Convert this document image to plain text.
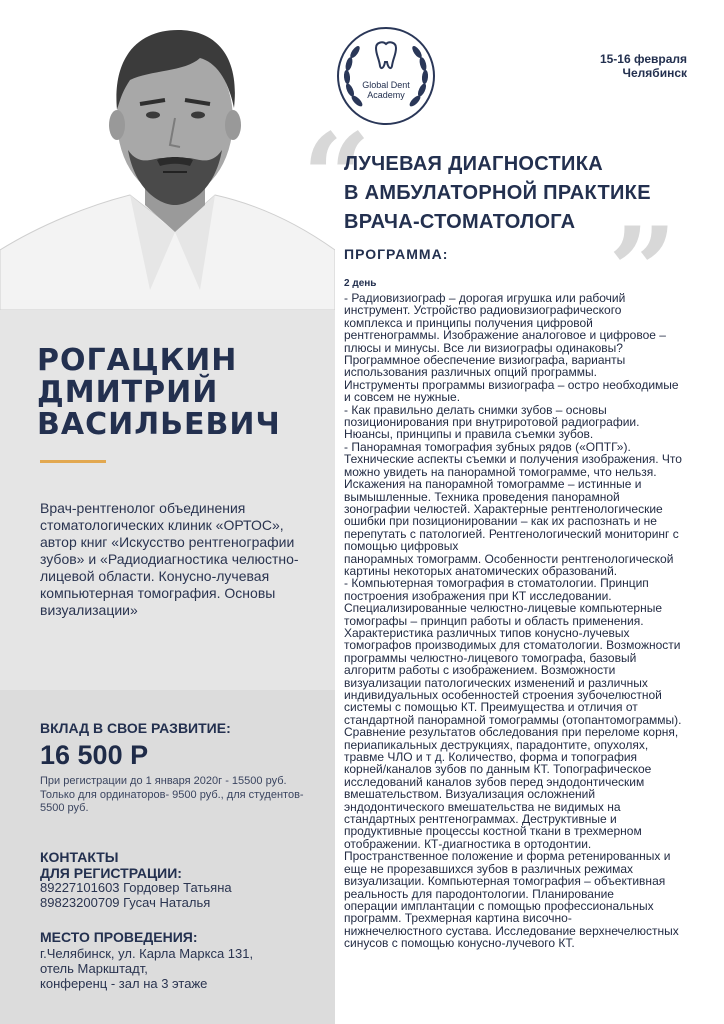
РОГАЦКИН
ДМИТРИЙ
ВАСИЛЬЕВИЧ
Врач-рентгенолог объединения стоматологических клиник «ОРТОС», автор книг «Искусство рентгенографии зубов» и «Радиодиагностика челюстно-лицевой области. Конусно-лучевая компьютерная томография. Основы визуализации»
ВКЛАД В СВОЕ РАЗВИТИЕ:
16 500 Р
При регистрации до 1 января 2020г - 15500 руб. Только для ординаторов- 9500 руб., для студентов- 5500 руб.
КОНТАКТЫ
ДЛЯ РЕГИСТРАЦИИ:
89227101603 Гордовер Татьяна
89823200709 Гусач Наталья
МЕСТО ПРОВЕДЕНИЯ:
г.Челябинск, ул. Карла Маркса 131,
отель Маркштадт,
конференц - зал на 3 этаже
Global Dent
Academy
15-16 февраля
Челябинск
“
”
ЛУЧЕВАЯ ДИАГНОСТИКА
В АМБУЛАТОРНОЙ ПРАКТИКЕ
ВРАЧА-СТОМАТОЛОГА
ПРОГРАММА:
2 день

- Радиовизиограф – дорогая игрушка или рабочий

инструмент. Устройство радиовизиографического

комплекса и принципы получения цифровой

рентгенограммы. Изображение аналоговое и цифровое –

плюсы и минусы. Все ли визиографы одинаковы?

Программное обеспечение визиографа, варианты

использования различных опций программы.

Инструменты программы визиографа – остро необходимые

и совсем не нужные.

- Как правильно делать снимки зубов – основы

позиционирования при внутриротовой радиографии.

Нюансы, принципы и правила съемки зубов.

- Панорамная томография зубных рядов («ОПТГ»).

Технические аспекты съемки и получения изображения. Что

можно увидеть на панорамной томограмме, что нельзя.

Искажения на панорамной томограмме – истинные и

вымышленные. Техника проведения панорамной

зонографии челюстей. Характерные рентгенологические

ошибки при позиционировании – как их распознать и не

перепутать с патологией. Рентгенологический мониторинг с

помощью цифровых

панорамных томограмм. Особенности рентгенологической

картины некоторых анатомических образований.

- Компьютерная томография в стоматологии. Принцип

построения изображения при КТ исследовании.

Специализированные челюстно-лицевые компьютерные

томографы – принцип работы и область применения.

Характеристика различных типов конусно-лучевых

томографов производимых для стоматологии. Возможности

программы челюстно-лицевого томографа, базовый

алгоритм работы с изображением. Возможности

визуализации патологических изменений и различных

индивидуальных особенностей строения зубочелюстной

системы с помощью КТ. Преимущества и отличия от

стандартной панорамной томограммы (отопантомограммы).

Сравнение результатов обследования при переломе корня,

периапикальных деструкциях, парадонтите, опухолях,

травме ЧЛО и т д. Количество, форма и топография

корней/каналов зубов по данным КТ. Топографическое

исследований каналов зубов перед эндодонтическим

вмешательством. Визуализация осложнений

эндодонтического вмешательства не видимых на

стандартных рентгенограммах. Деструктивные и

продуктивные процессы костной ткани в трехмерном

отображении. КТ-диагностика в ортодонтии.

Пространственное положение и форма ретенированных и

еще не прорезавшихся зубов в различных режимах

визуализации. Компьютерная томография – объективная

реальность для пародонтологии. Планирование

операции имплантации с помощью профессиональных

программ. Трехмерная картина височно-

нижнечелюстного сустава. Исследование верхнечелюстных

синусов с помощью конусно-лучевого КТ.
